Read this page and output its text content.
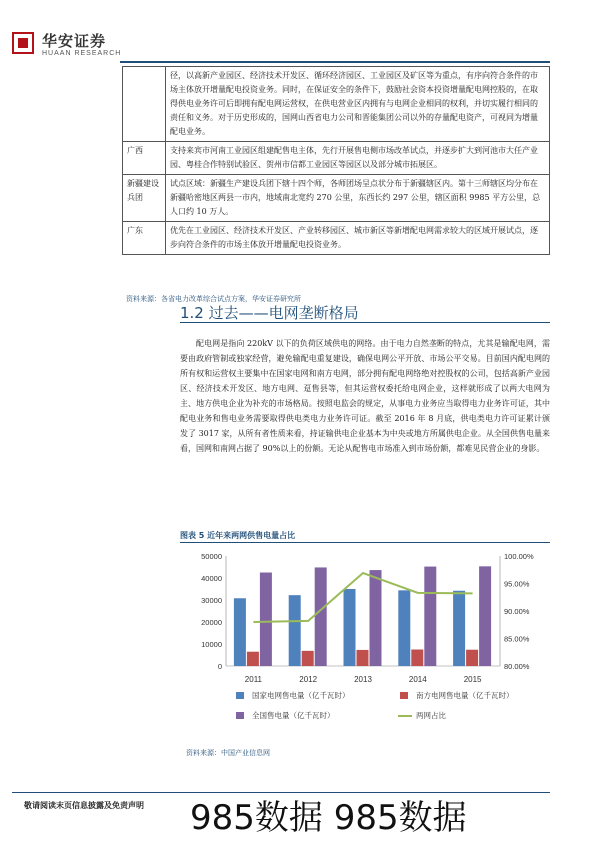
华安证券
HUAAN RESEARCH
	径，以高新产业园区、经济技术开发区、循环经济园区、工业园区及矿区等为重点，有序向符合条件的市场主体放开增量配电投资业务。同时，在保证安全的条件下，鼓励社会资本投资增量配电网控股的，在取得供电业务许可后即拥有配电网运营权，在供电营业区内拥有与电网企业相同的权利，并切实履行相同的责任和义务。对于历史形成的，国网山西省电力公司和晋能集团公司以外的存量配电资产，可视同为增量配电业务。
广西	支持来宾市河南工业园区组建配售电主体，先行开展售电侧市场改革试点，并逐步扩大到河池市大任产业园、粤桂合作特别试验区、贺州市信都工业园区等园区以及部分城市拓展区。
新疆建设兵团	试点区域：新疆生产建设兵团下辖十四个师，各师团场呈点状分布于新疆辖区内。第十三师辖区均分布在新疆哈密地区两县一市内，地域南北宽约 270 公里，东西长约 297 公里，辖区面积 9985 平方公里，总人口约 10 万人。
广东	优先在工业园区、经济技术开发区、产业转移园区、城市新区等新增配电网需求较大的区域开展试点，逐步向符合条件的市场主体放开增量配电投资业务。
资料来源：各省电力改革综合试点方案，华安证券研究所
1.2 过去——电网垄断格局
配电网是指向 220kV 以下的负荷区域供电的网络。由于电力自然垄断的特点，尤其是输配电网，需要由政府管制或独家经营，避免输配电重复建设，确保电网公平开放、市场公平交易。目前国内配电网的所有权和运营权主要集中在国家电网和南方电网，部分拥有配电网络绝对控股权的公司，包括高新产业园区、经济技术开发区、地方电网、趸售县等，但其运营权委托给电网企业，这样就形成了以两大电网为主、地方供电企业为补充的市场格局。按照电监会的规定，从事电力业务应当取得电力业务许可证，其中配电业务和售电业务需要取得供电类电力业务许可证。截至 2016 年 8 月底，供电类电力许可证累计颁发了 3017 家，从所有者性质来看，持证输供电企业基本为中央或地方所属供电企业。从全国供售电量来看，国网和南网占据了 90%以上的份额。无论从配售电市场准入到市场份额，都难见民营企业的身影。
图表 5 近年来两网供售电量占比
0
10000
20000
30000
40000
50000
80.00%
85.00%
90.00%
95.00%
100.00%
2011	2012	2013	2014	2015
国家电网售电量（亿千瓦时）	南方电网售电量（亿千瓦时）
全国售电量（亿千瓦时）	两网占比
资料来源：中国产业信息网
敬请阅读末页信息披露及免责声明 985数据 985数据
